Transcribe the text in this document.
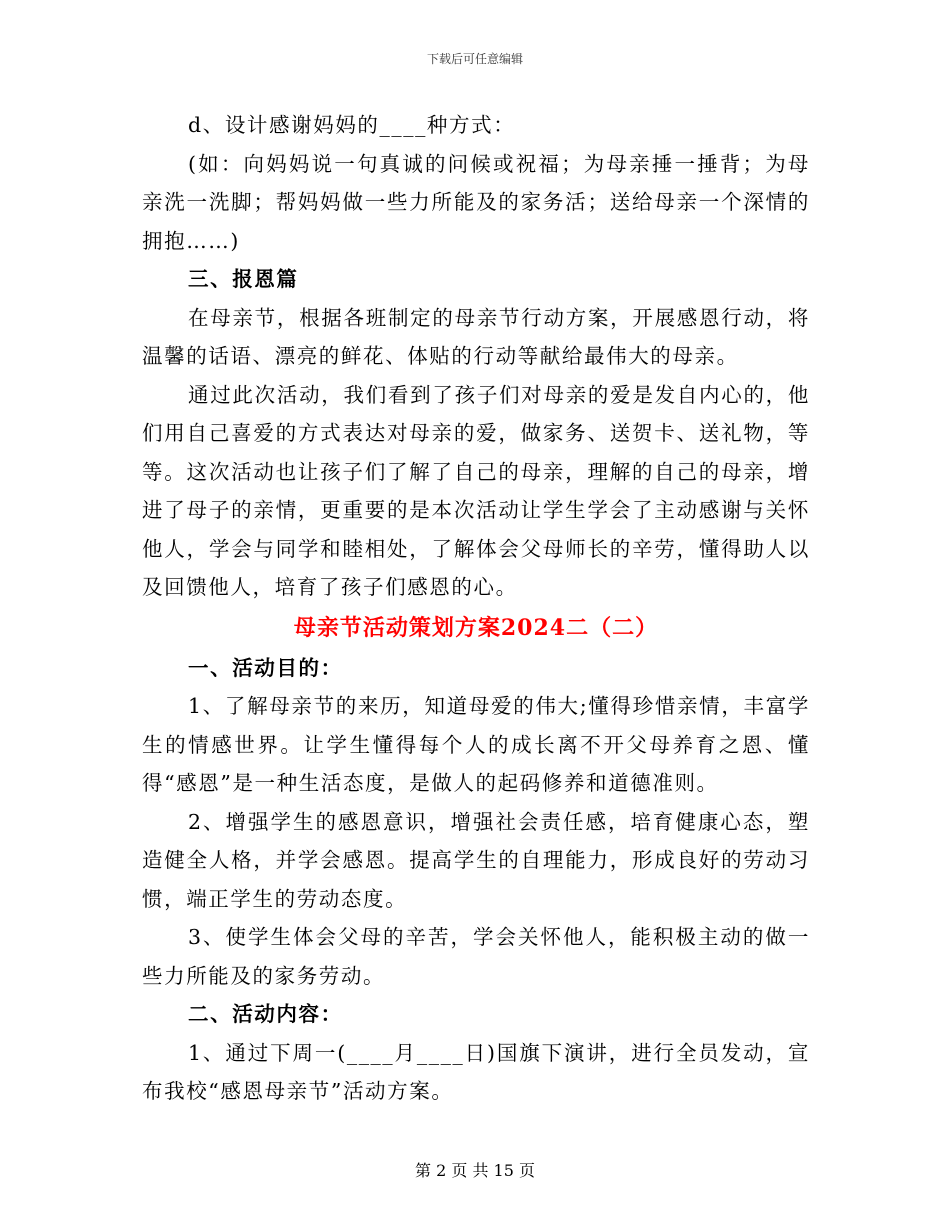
下载后可任意编辑

d、设计感谢妈妈的____种方式：

(如：向妈妈说一句真诚的问候或祝福；为母亲捶一捶背；为母亲洗一洗脚；帮妈妈做一些力所能及的家务活；送给母亲一个深情的拥抱……)

三、报恩篇

在母亲节，根据各班制定的母亲节行动方案，开展感恩行动，将温馨的话语、漂亮的鲜花、体贴的行动等献给最伟大的母亲。

通过此次活动，我们看到了孩子们对母亲的爱是发自内心的，他们用自己喜爱的方式表达对母亲的爱，做家务、送贺卡、送礼物，等等。这次活动也让孩子们了解了自己的母亲，理解的自己的母亲，增进了母子的亲情，更重要的是本次活动让学生学会了主动感谢与关怀他人，学会与同学和睦相处，了解体会父母师长的辛劳，懂得助人以及回馈他人，培育了孩子们感恩的心。

母亲节活动策划方案2024二（二）

一、活动目的：

1、了解母亲节的来历，知道母爱的伟大;懂得珍惜亲情，丰富学生的情感世界。让学生懂得每个人的成长离不开父母养育之恩、懂得“感恩”是一种生活态度，是做人的起码修养和道德准则。

2、增强学生的感恩意识，增强社会责任感，培育健康心态，塑造健全人格，并学会感恩。提高学生的自理能力，形成良好的劳动习惯，端正学生的劳动态度。

3、使学生体会父母的辛苦，学会关怀他人，能积极主动的做一些力所能及的家务劳动。

二、活动内容：

1、通过下周一(____月____日)国旗下演讲，进行全员发动，宣布我校“感恩母亲节”活动方案。

第 2 页 共 15 页
